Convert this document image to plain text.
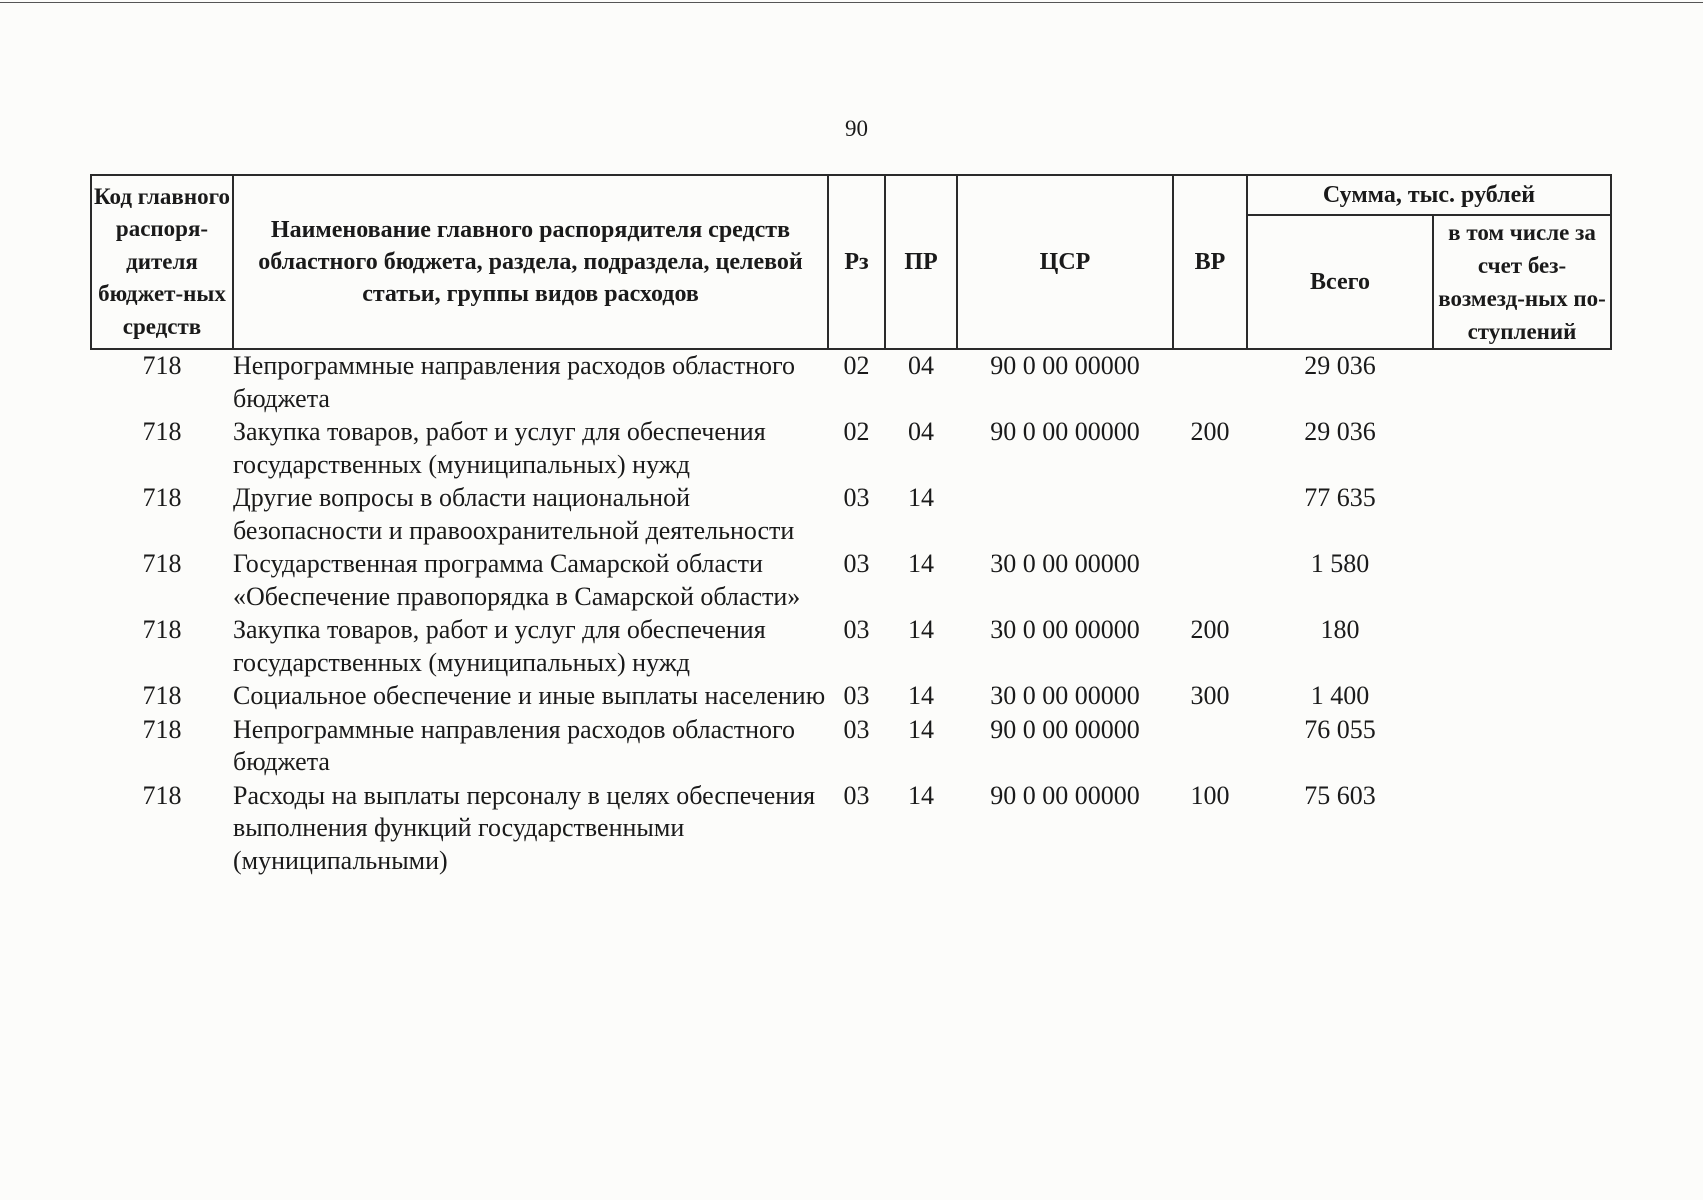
90
Код главного распоря-дителя бюджет-ных средств	Наименование главного распорядителя средств областного бюджета, раздела, подраздела, целевой статьи, группы видов расходов	Рз	ПР	ЦСР	ВР	Сумма, тыс. рублей	
						Всего	в том числе за счет без-возмезд-ных по-ступлений
718	Непрограммные направления расходов областного бюджета	02	04	90 0 00 00000		29 036	
718	Закупка товаров, работ и услуг для обеспечения государственных (муниципальных) нужд	02	04	90 0 00 00000	200	29 036	
718	Другие вопросы в области национальной безопасности и правоохранительной деятельности	03	14			77 635	
718	Государственная программа Самарской области «Обеспечение правопорядка в Самарской области»	03	14	30 0 00 00000		1 580	
718	Закупка товаров, работ и услуг для обеспечения государственных (муниципальных) нужд	03	14	30 0 00 00000	200	180	
718	Социальное обеспечение и иные выплаты населению	03	14	30 0 00 00000	300	1 400	
718	Непрограммные направления расходов областного бюджета	03	14	90 0 00 00000		76 055	
718	Расходы на выплаты персоналу в целях обеспечения выполнения функций государственными (муниципальными)	03	14	90 0 00 00000	100	75 603	
